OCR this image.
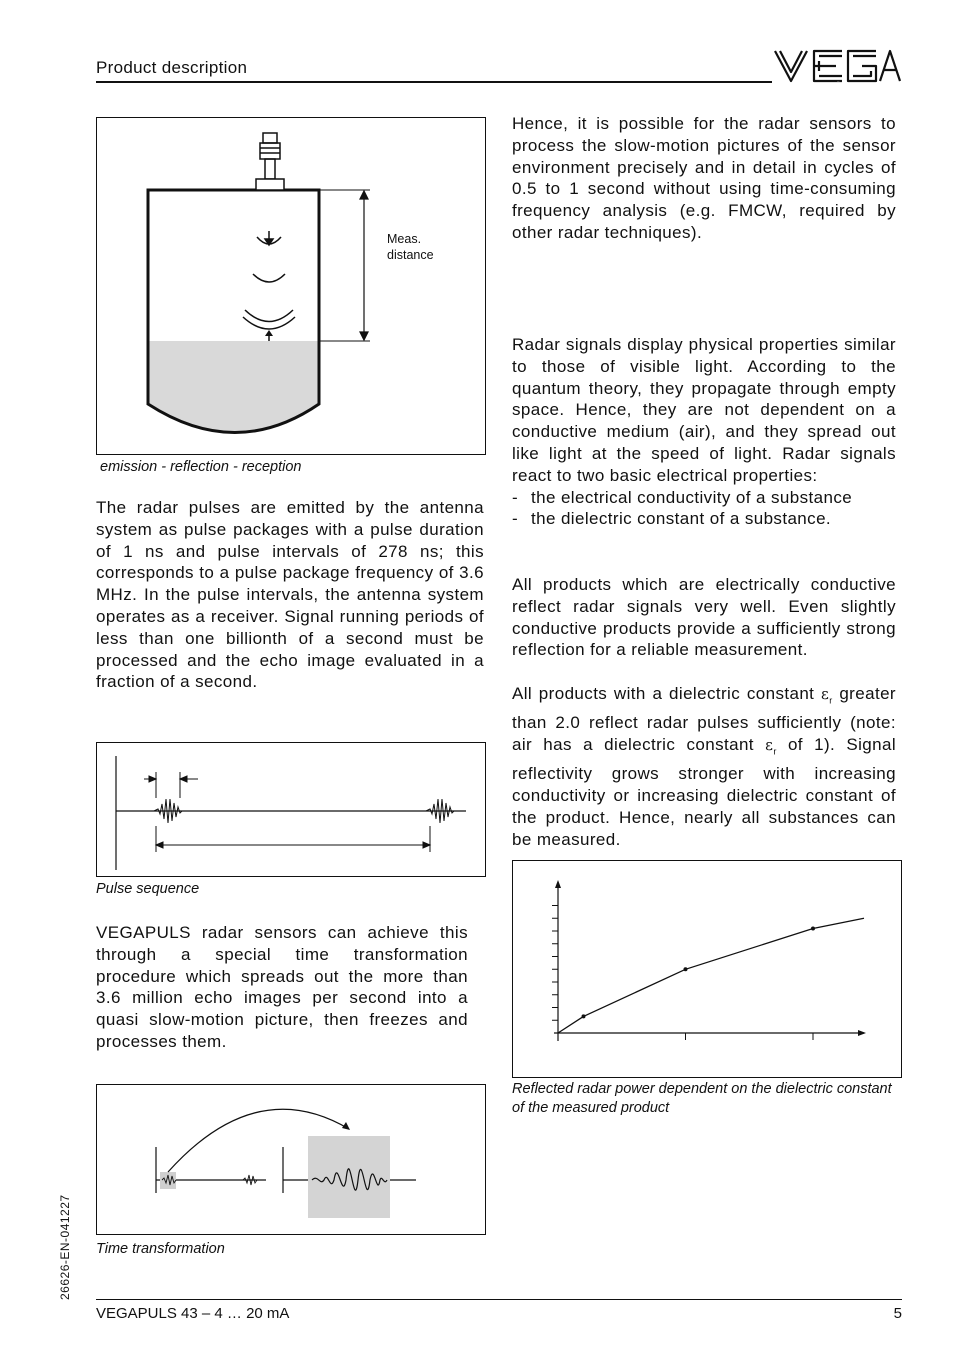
Product description
VEGA
Meas.
distance
emission - reflection - reception

The radar pulses are emitted by the antenna system as pulse packages with a pulse duration of 1 ns and pulse intervals of 278 ns; this corresponds to a pulse package frequency of 3.6 MHz. In the pulse intervals, the antenna system operates as a receiver. Signal running periods of less than one billionth of a second must be processed and the echo image evaluated in a fraction of a second.

Pulse sequence

VEGAPULS radar sensors can achieve this through a special time transformation procedure which spreads out the more than 3.6 million echo images per second into a quasi slow-motion picture, then freezes and processes them.

Time transformation

Hence, it is possible for the radar sensors to process the slow-motion pictures of the sensor environment precisely and in detail in cycles of 0.5 to 1 second without using time-consuming frequency analysis (e.g. FMCW, required by other radar techniques).

Radar signals display physical properties similar to those of visible light. According to the quantum theory, they propagate through empty space. Hence, they are not dependent on a conductive medium (air), and they spread out like light at the speed of light. Radar signals react to two basic electrical properties:

- the electrical conductivity of a substance
- the dielectric constant of a substance.

All products which are electrically conductive reflect radar signals very well. Even slightly conductive products provide a sufficiently strong reflection for a reliable measurement.

All products with a dielectric constant $\varepsilon_r$ greater than 2.0 reflect radar pulses sufficiently (note: air has a dielectric constant $\varepsilon_r$ of 1). Signal reflectivity grows stronger with increasing conductivity or increasing dielectric constant of the product. Hence, nearly all substances can be measured.

Reflected radar power dependent on the dielectric constant of the measured product
26626-EN-041227
VEGAPULS 43 – 4 … 20 mA	5
